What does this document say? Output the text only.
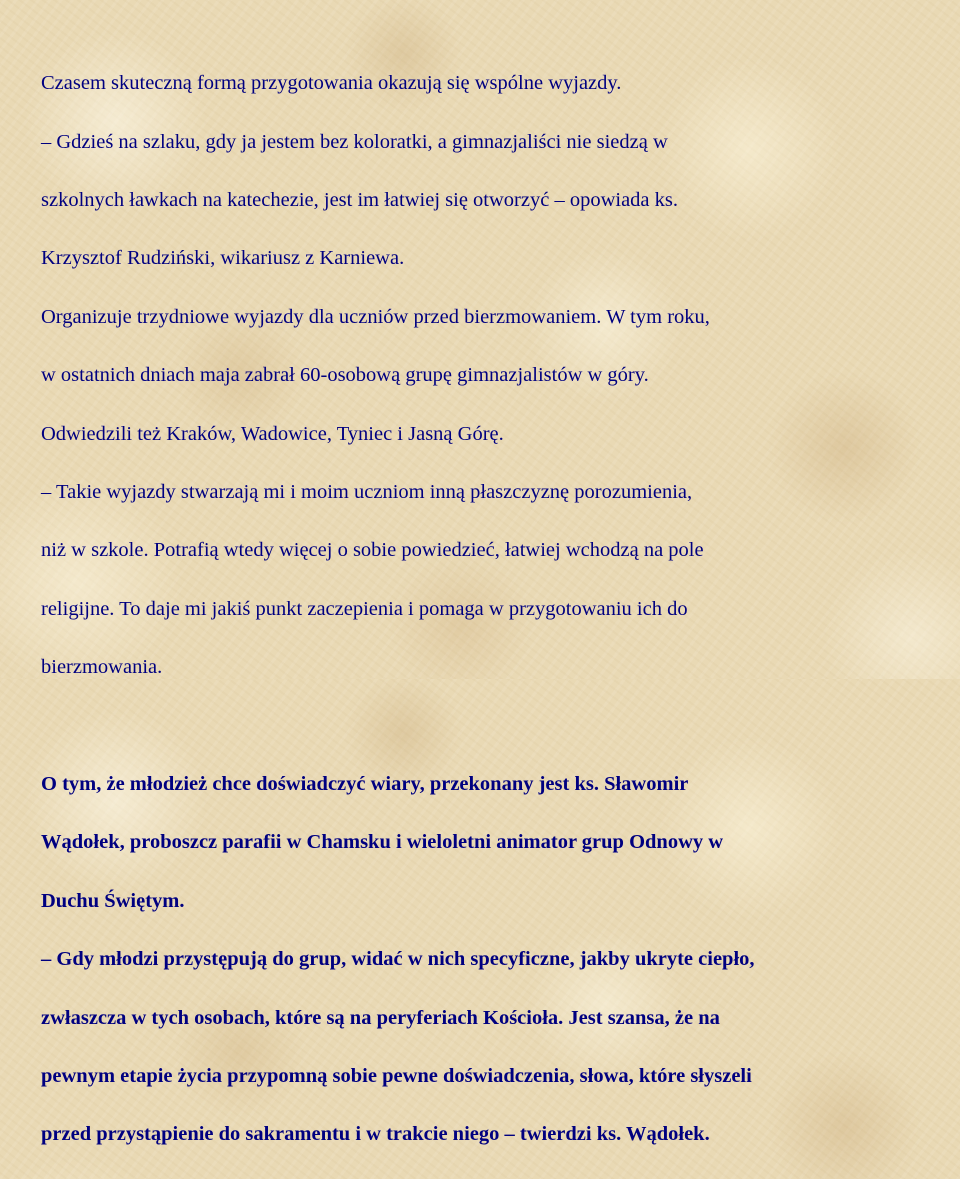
Czasem skuteczną formą przygotowania okazują się wspólne wyjazdy.

– Gdzieś na szlaku, gdy ja jestem bez koloratki, a gimnazjaliści nie siedzą w

szkolnych ławkach na katechezie, jest im łatwiej się otworzyć – opowiada ks.

Krzysztof Rudziński, wikariusz z Karniewa.

Organizuje trzydniowe wyjazdy dla uczniów przed bierzmowaniem. W tym roku,

w ostatnich dniach maja zabrał 60-osobową grupę gimnazjalistów w góry.

Odwiedzili też Kraków, Wadowice, Tyniec i Jasną Górę.

– Takie wyjazdy stwarzają mi i moim uczniom inną płaszczyznę porozumienia,

niż w szkole. Potrafią wtedy więcej o sobie powiedzieć, łatwiej wchodzą na pole

religijne. To daje mi jakiś punkt zaczepienia i pomaga w przygotowaniu ich do

bierzmowania.

O tym, że młodzież chce doświadczyć wiary, przekonany jest ks. Sławomir

Wądołek, proboszcz parafii w Chamsku i wieloletni animator grup Odnowy w

Duchu Świętym.

– Gdy młodzi przystępują do grup, widać w nich specyficzne, jakby ukryte ciepło,

zwłaszcza w tych osobach, które są na peryferiach Kościoła. Jest szansa, że na

pewnym etapie życia przypomną sobie pewne doświadczenia, słowa, które słyszeli

przed przystąpienie do sakramentu i w trakcie niego – twierdzi ks. Wądołek.
